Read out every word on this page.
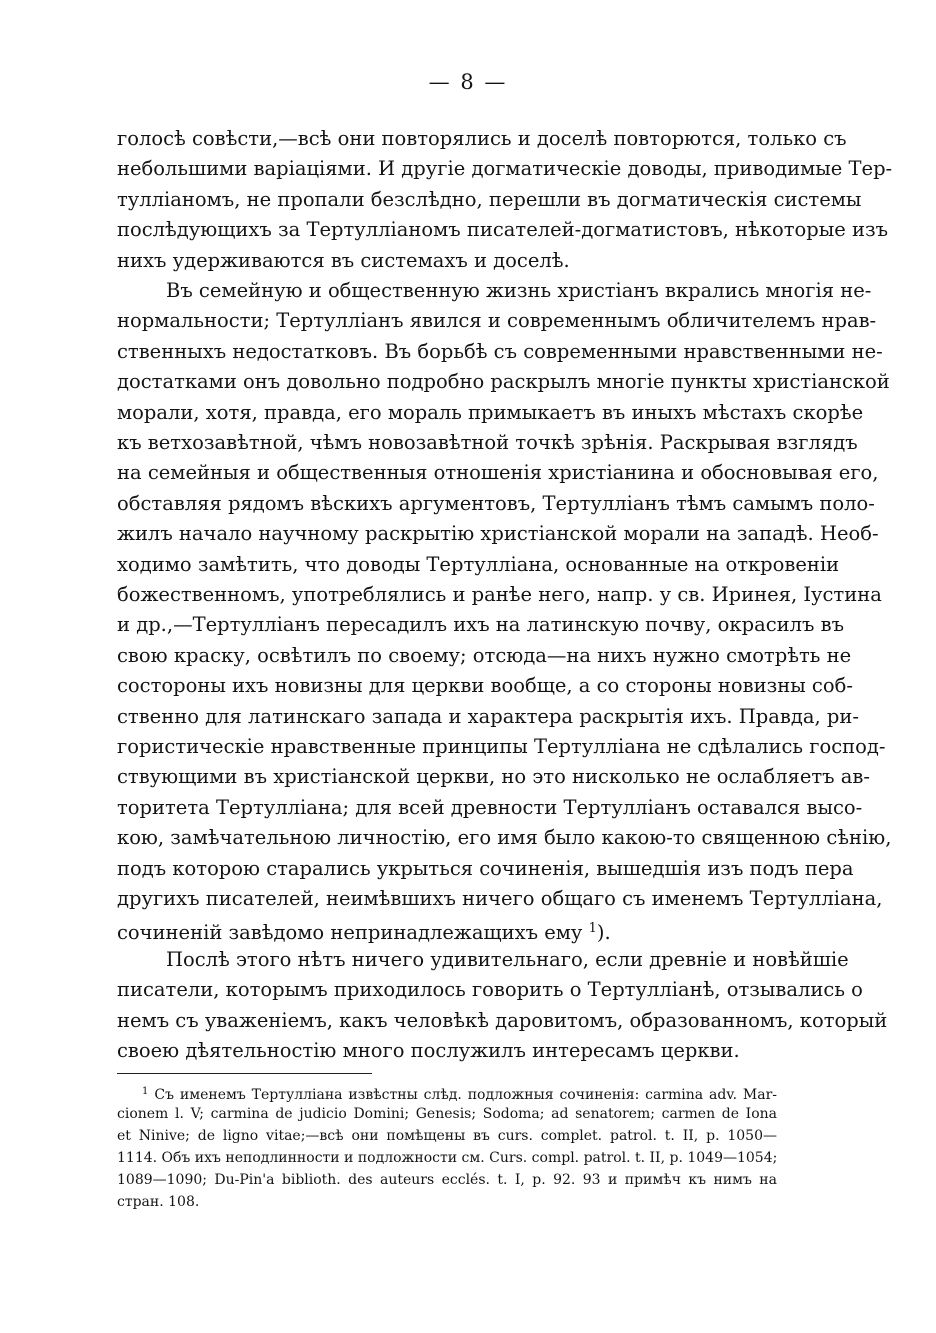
— 8 —
голосѣ совѣсти,—всѣ они повторялись и доселѣ повторются, только съ
небольшими варіаціями. И другіе догматическіе доводы, приводимые Тер-
тулліаномъ, не пропали безслѣдно, перешли въ догматическія системы
послѣдующихъ за Тертулліаномъ писателей-догматистовъ, нѣкоторые изъ
нихъ удерживаются въ системахъ и доселѣ.
Въ семейную и общественную жизнь христіанъ вкрались многія не-
нормальности; Тертулліанъ явился и современнымъ обличителемъ нрав-
ственныхъ недостатковъ. Въ борьбѣ съ современными нравственными не-
достатками онъ довольно подробно раскрылъ многіе пункты христіанской
морали, хотя, правда, его мораль примыкаетъ въ иныхъ мѣстахъ скорѣе
къ ветхозавѣтной, чѣмъ новозавѣтной точкѣ зрѣнія. Раскрывая взглядъ
на семейныя и общественныя отношенія христіанина и обосновывая его,
обставляя рядомъ вѣскихъ аргументовъ, Тертулліанъ тѣмъ самымъ поло-
жилъ начало научному раскрытію христіанской морали на западѣ. Необ-
ходимо замѣтить, что доводы Тертулліана, основанные на откровеніи
божественномъ, употреблялись и ранѣе него, напр. у св. Иринея, Іустина
и др.,—Тертулліанъ пересадилъ ихъ на латинскую почву, окрасилъ въ
свою краску, освѣтилъ по своему; отсюда—на нихъ нужно смотрѣть не
состороны ихъ новизны для церкви вообще, а со стороны новизны соб-
ственно для латинскаго запада и характера раскрытія ихъ. Правда, ри-
гористическіе нравственные принципы Тертулліана не сдѣлались господ-
ствующими въ христіанской церкви, но это нисколько не ослабляетъ ав-
торитета Тертулліана; для всей древности Тертулліанъ оставался высо-
кою, замѣчательною личностію, его имя было какою-то священною сѣнію,
подъ которою старались укрыться сочиненія, вышедшія изъ подъ пера
другихъ писателей, неимѣвшихъ ничего общаго съ именемъ Тертулліана,
сочиненій завѣдомо непринадлежащихъ ему $^1$).
$^1$ Съ именемъ Тертулліана извѣстны слѣд. подложныя сочиненія: carmina adv. Mar-
cionem l. V; carmina de judicio Domini; Genesis; Sodoma; ad senatorem; carmen de Iona
et Ninive; de ligno vitae;—всѣ они помѣщены въ curs. complet. patrol. t. II, p. 1050—
1114. Объ ихъ неподлинности и подложности см. Curs. compl. patrol. t. II, p. 1049—1054;
1089—1090; Du-Pin'a biblioth. des auteurs ecclés. t. I, p. 92. 93 и примѣч къ нимъ на
стран. 108.
Послѣ этого нѣтъ ничего удивительнаго, если древніе и новѣйшіе
писатели, которымъ приходилось говорить о Тертулліанѣ, отзывались о
немъ съ уваженіемъ, какъ человѣкѣ даровитомъ, образованномъ, который
своею дѣятельностію много послужилъ интересамъ церкви.
